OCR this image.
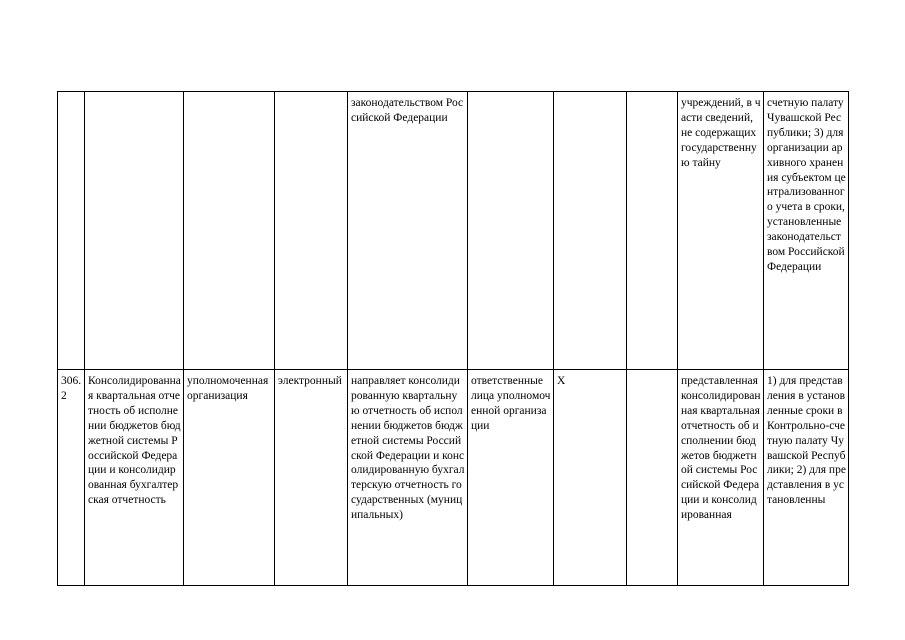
				законодательством Российской Федерации				учреждений, в части сведений, не содержащих государственную тайну	счетную палату Чувашской Республики; 3) для организации архивного хранения субъектом централизованного учета в сроки, установленные законодательством Российской Федерации
306.2	Консолидированная квартальная отчетность об исполнении бюджетов бюджетной системы Российской Федерации и консолидированная бухгалтерская отчетность	уполномоченная организация	электронный	направляет консолидированную квартальную отчетность об исполнении бюджетов бюджетной системы Российской Федерации и консолидированную бухгалтерскую отчетность государственных (муниципальных)	ответственные лица уполномоченной организации	Х		представленная консолидированная квартальная отчетность об исполнении бюджетов бюджетной системы Российской Федерации и консолидированная	1) для представления в установленные сроки в Контрольно-счетную палату Чувашской Республики; 2) для представления в установленны
